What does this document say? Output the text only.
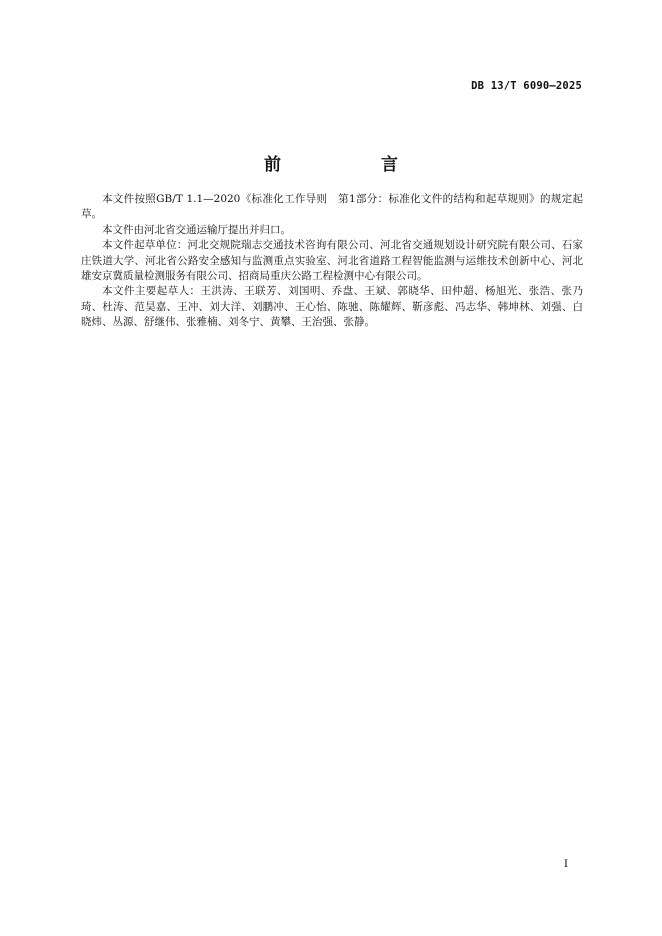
DB 13/T 6090—2025
前　　言

本文件按照GB/T 1.1—2020《标准化工作导则　第1部分：标准化文件的结构和起草规则》的规定起草。

本文件由河北省交通运输厅提出并归口。

本文件起草单位：河北交规院瑞志交通技术咨询有限公司、河北省交通规划设计研究院有限公司、石家庄铁道大学、河北省公路安全感知与监测重点实验室、河北省道路工程智能监测与运维技术创新中心、河北雄安京冀质量检测服务有限公司、招商局重庆公路工程检测中心有限公司。

本文件主要起草人：王洪涛、王联芳、刘国明、乔盘、王斌、郭晓华、田仲超、杨旭光、张浩、张乃琦、杜涛、范昊嘉、王冲、刘大洋、刘鹏冲、王心怡、陈驰、陈耀辉、靳彦彪、冯志华、韩坤林、刘强、白晓炜、丛源、舒继伟、张雅楠、刘冬宁、黄攀、王治强、张静。

I
